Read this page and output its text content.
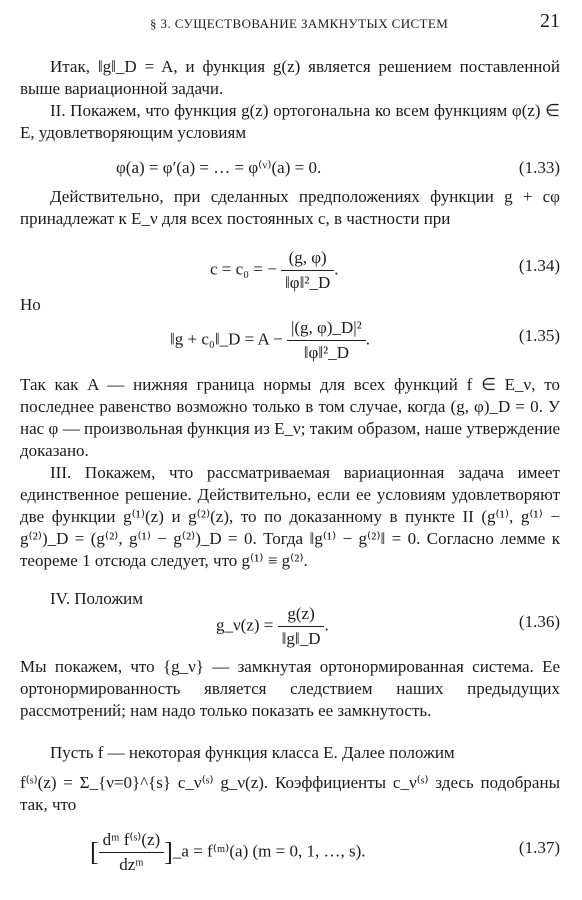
§ 3. СУЩЕСТВОВАНИЕ ЗАМКНУТЫХ СИСТЕМ	21
Итак, ‖g‖_D = A, и функция g(z) является решением поставленной выше вариационной задачи.
II. Покажем, что функция g(z) ортогональна ко всем функциям φ(z) ∈ E, удовлетворяющим условиям
φ(a) = φ′(a) = … = φ⁽ᵛ⁾(a) = 0.	(1.33)
Действительно, при сделанных предположениях функции g + cφ принадлежат к E_ν для всех постоянных c, в частности при
c = c₀ = − $\frac{(g, \varphi)}{\text{‖φ‖²\_D}}$ .	(1.34)
Но
‖g + c₀‖_D = $A - \frac{\text{|(g, φ)\_D|²}}{\text{‖φ‖²\_D}}$ .	(1.35)
Так как A — нижняя граница нормы для всех функций f ∈ E_ν, то последнее равенство возможно только в том случае, когда (g, φ)_D = 0. У нас φ — произвольная функция из E_ν; таким образом, наше утверждение доказано.
III. Покажем, что рассматриваемая вариационная задача имеет единственное решение. Действительно, если ее условиям удовлетворяют две функции g⁽¹⁾(z) и g⁽²⁾(z), то по доказанному в пункте II (g⁽¹⁾, g⁽¹⁾ − g⁽²⁾)_D = (g⁽²⁾, g⁽¹⁾ − g⁽²⁾)_D = 0. Тогда ‖g⁽¹⁾ − g⁽²⁾‖ = 0. Согласно лемме к теореме 1 отсюда следует, что g⁽¹⁾ ≡ g⁽²⁾.
IV. Положим
g_ν(z) = $\frac{g(z)}{‖g‖\_D}$ .	(1.36)
Мы покажем, что {g_ν} — замкнутая ортонормированная система. Ее ортонормированность является следствием наших предыдущих рассмотрений; нам надо только показать ее замкнутость.
Пусть f — некоторая функция класса E. Далее положим
f⁽ˢ⁾(z) = Σ_{ν=0}^{s} c_ν⁽ˢ⁾ g_ν(z). Коэффициенты c_ν⁽ˢ⁾ здесь подобраны так, что
[ $\frac{\text{dᵐ f⁽ˢ⁾(z)}}{\text{dzᵐ}}$ ]_a = f⁽ᵐ⁾(a) (m = 0, 1, …, s).	(1.37)
